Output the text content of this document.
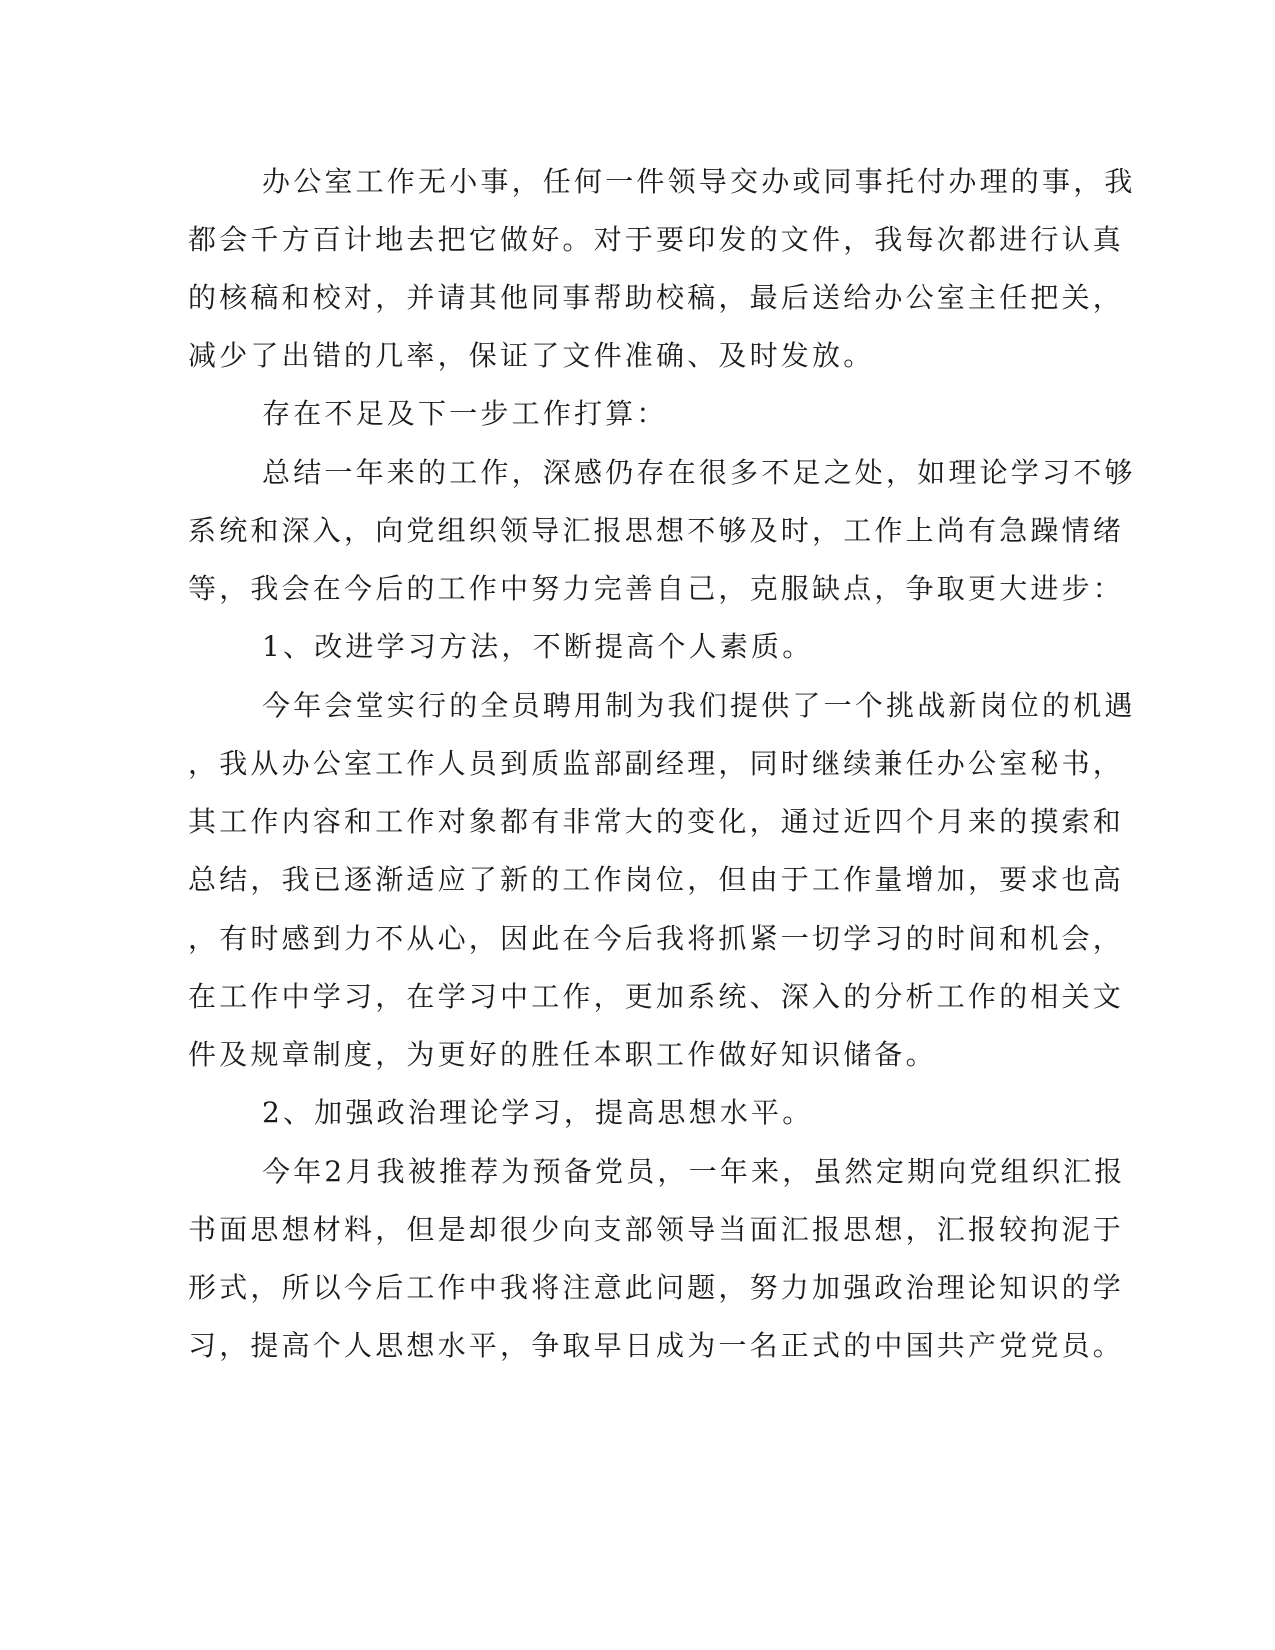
办公室工作无小事，任何一件领导交办或同事托付办理的事，我
都会千方百计地去把它做好。对于要印发的文件，我每次都进行认真
的核稿和校对，并请其他同事帮助校稿，最后送给办公室主任把关，
减少了出错的几率，保证了文件准确、及时发放。
存在不足及下一步工作打算：
总结一年来的工作，深感仍存在很多不足之处，如理论学习不够
系统和深入，向党组织领导汇报思想不够及时，工作上尚有急躁情绪
等，我会在今后的工作中努力完善自己，克服缺点，争取更大进步：
1、改进学习方法，不断提高个人素质。
今年会堂实行的全员聘用制为我们提供了一个挑战新岗位的机遇
，我从办公室工作人员到质监部副经理，同时继续兼任办公室秘书，
其工作内容和工作对象都有非常大的变化，通过近四个月来的摸索和
总结，我已逐渐适应了新的工作岗位，但由于工作量增加，要求也高
，有时感到力不从心，因此在今后我将抓紧一切学习的时间和机会，
在工作中学习，在学习中工作，更加系统、深入的分析工作的相关文
件及规章制度，为更好的胜任本职工作做好知识储备。
2、加强政治理论学习，提高思想水平。
今年2月我被推荐为预备党员，一年来，虽然定期向党组织汇报
书面思想材料，但是却很少向支部领导当面汇报思想，汇报较拘泥于
形式，所以今后工作中我将注意此问题，努力加强政治理论知识的学
习，提高个人思想水平，争取早日成为一名正式的中国共产党党员。
